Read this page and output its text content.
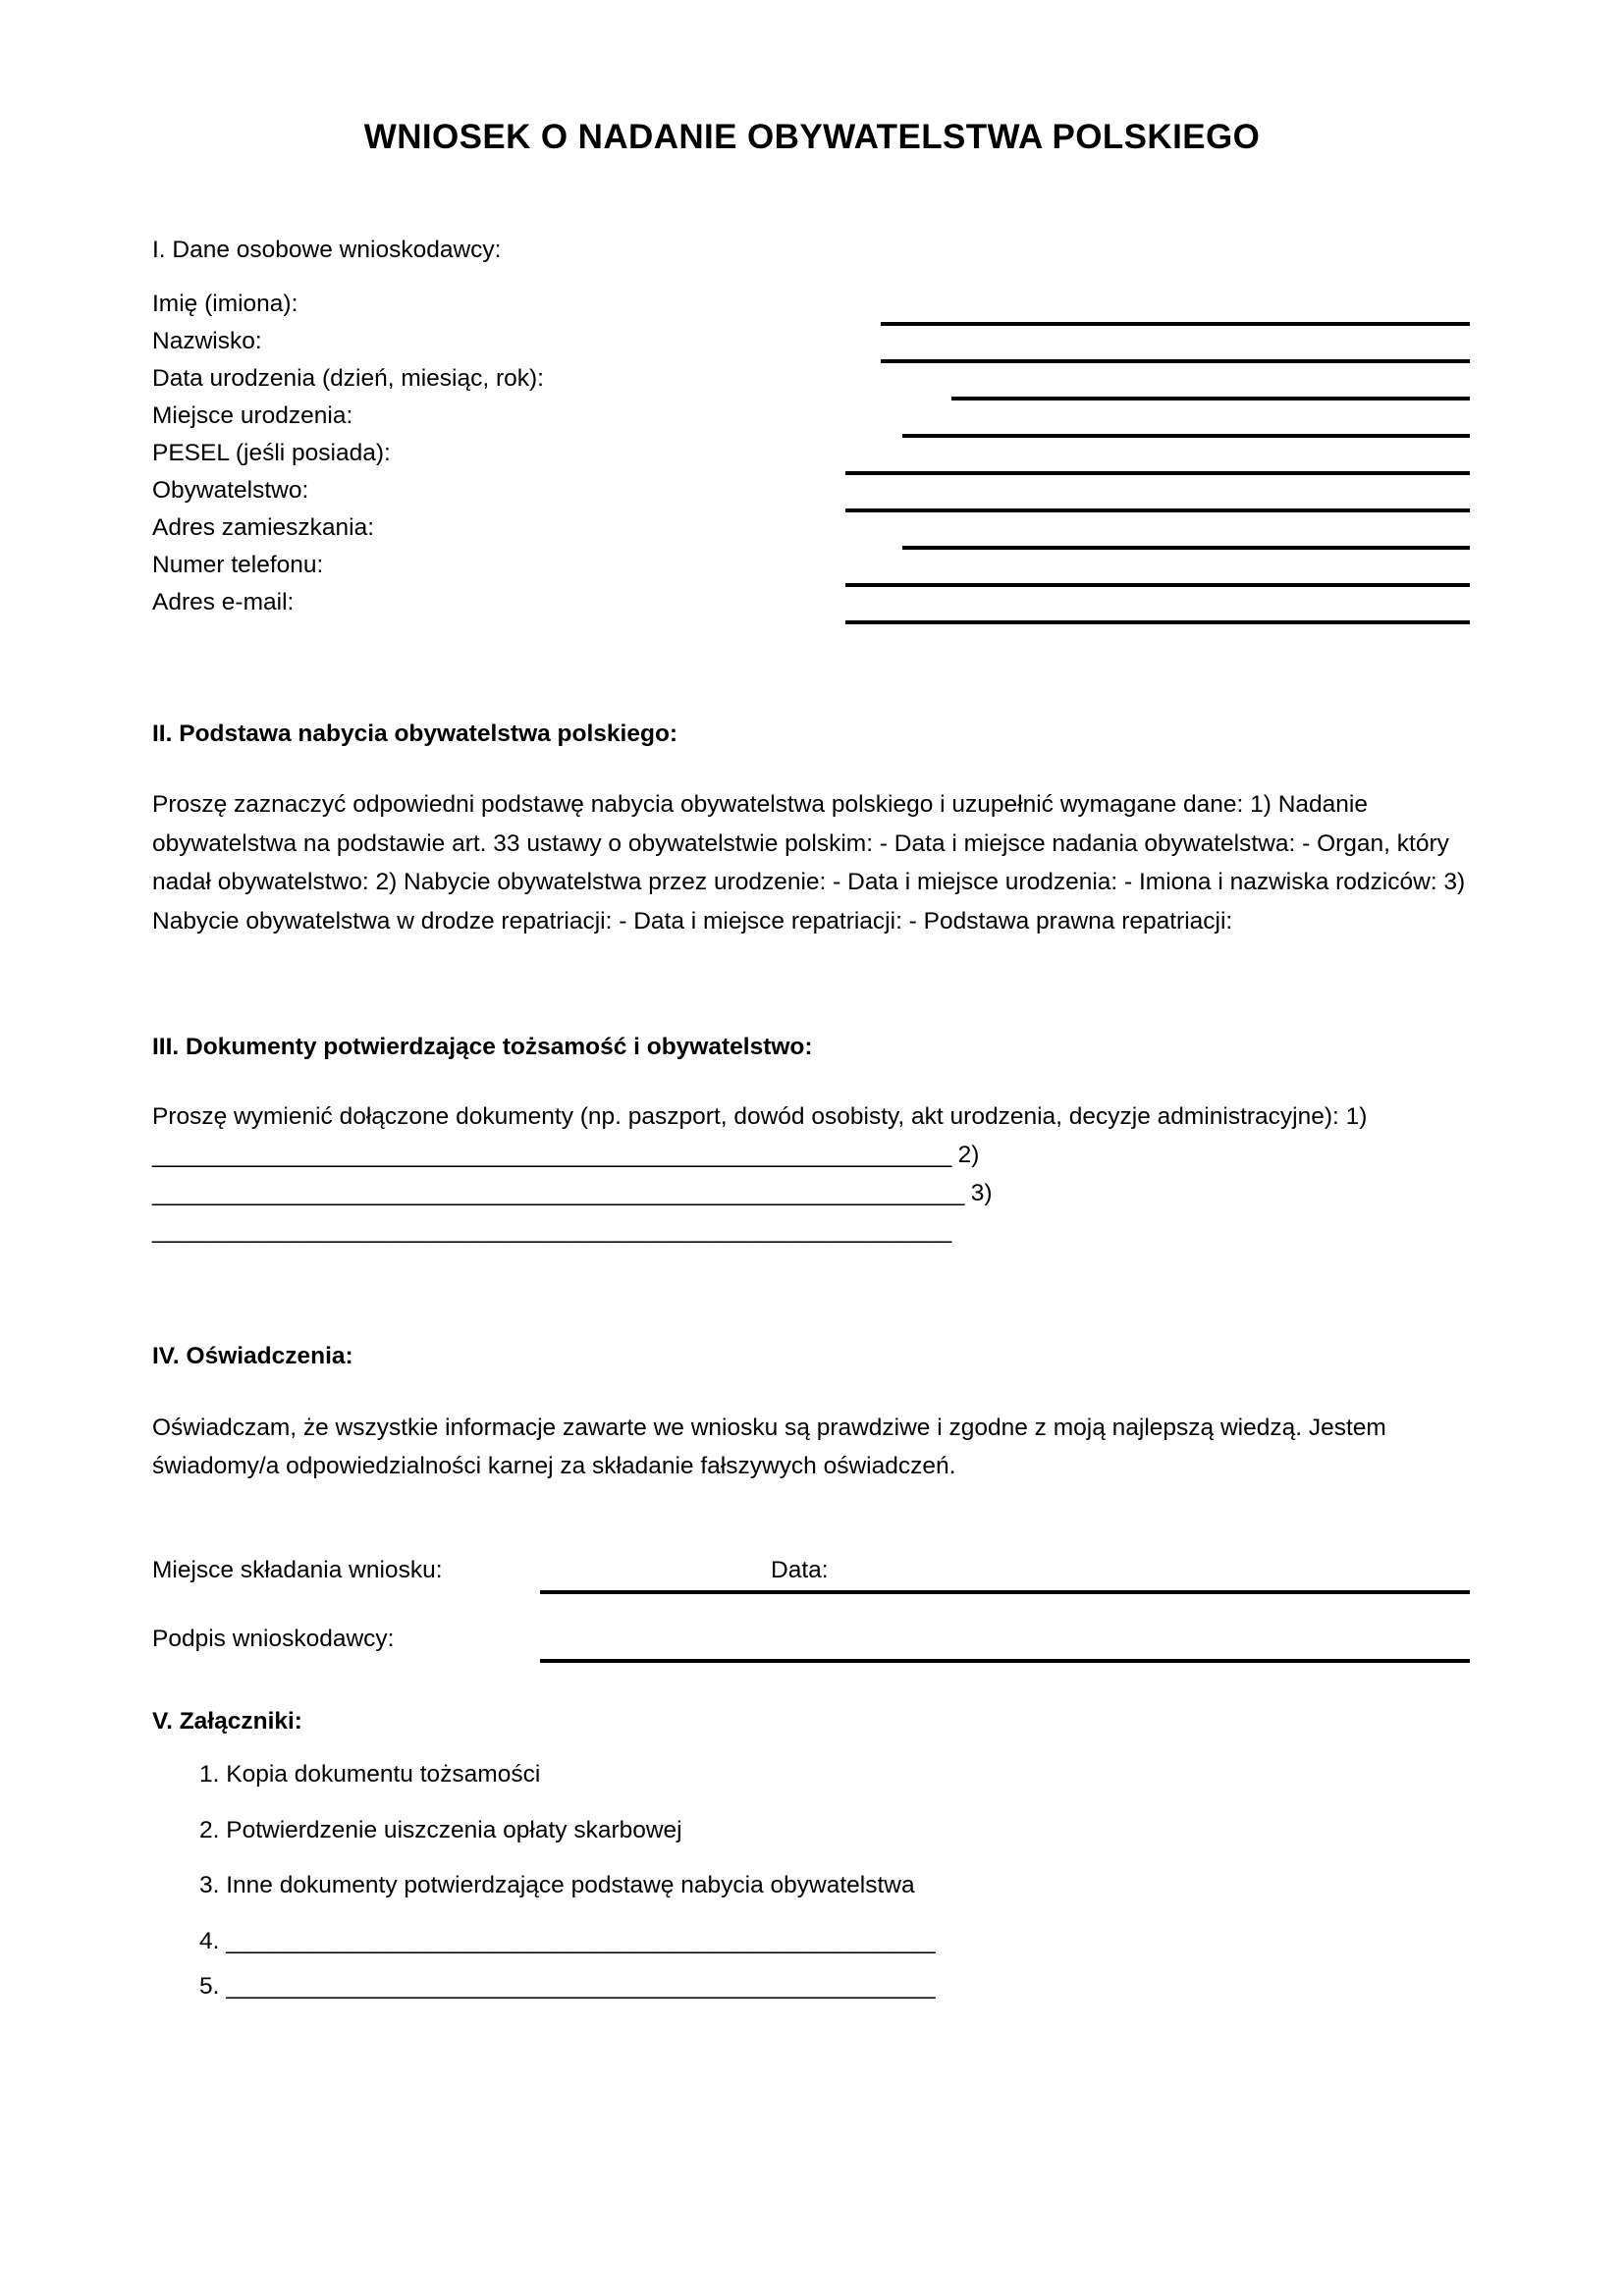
WNIOSEK O NADANIE OBYWATELSTWA POLSKIEGO
I. Dane osobowe wnioskodawcy:
Imię (imiona):
Nazwisko:
Data urodzenia (dzień, miesiąc, rok):
Miejsce urodzenia:
PESEL (jeśli posiada):
Obywatelstwo:
Adres zamieszkania:
Numer telefonu:
Adres e-mail:
II. Podstawa nabycia obywatelstwa polskiego:

Proszę zaznaczyć odpowiedni podstawę nabycia obywatelstwa polskiego i uzupełnić wymagane dane: 1) Nadanie obywatelstwa na podstawie art. 33 ustawy o obywatelstwie polskim: - Data i miejsce nadania obywatelstwa: - Organ, który nadał obywatelstwo: 2) Nabycie obywatelstwa przez urodzenie: - Data i miejsce urodzenia: - Imiona i nazwiska rodziców: 3) Nabycie obywatelstwa w drodze repatriacji: - Data i miejsce repatriacji: - Podstawa prawna repatriacji:

III. Dokumenty potwierdzające tożsamość i obywatelstwo:

Proszę wymienić dołączone dokumenty (np. paszport, dowód osobisty, akt urodzenia, decyzje administracyjne): 1) ______________________________________________________________ 2) _______________________________________________________________ 3) ______________________________________________________________

IV. Oświadczenia:

Oświadczam, że wszystkie informacje zawarte we wniosku są prawdziwe i zgodne z moją najlepszą wiedzą. Jestem świadomy/a odpowiedzialności karnej za składanie fałszywych oświadczeń.

Miejsce składania wniosku:	Data:
Podpis wnioskodawcy:
V. Załączniki:
1. Kopia dokumentu tożsamości
2. Potwierdzenie uiszczenia opłaty skarbowej
3. Inne dokumenty potwierdzające podstawę nabycia obywatelstwa
4. _______________________________________________________
5. _______________________________________________________
